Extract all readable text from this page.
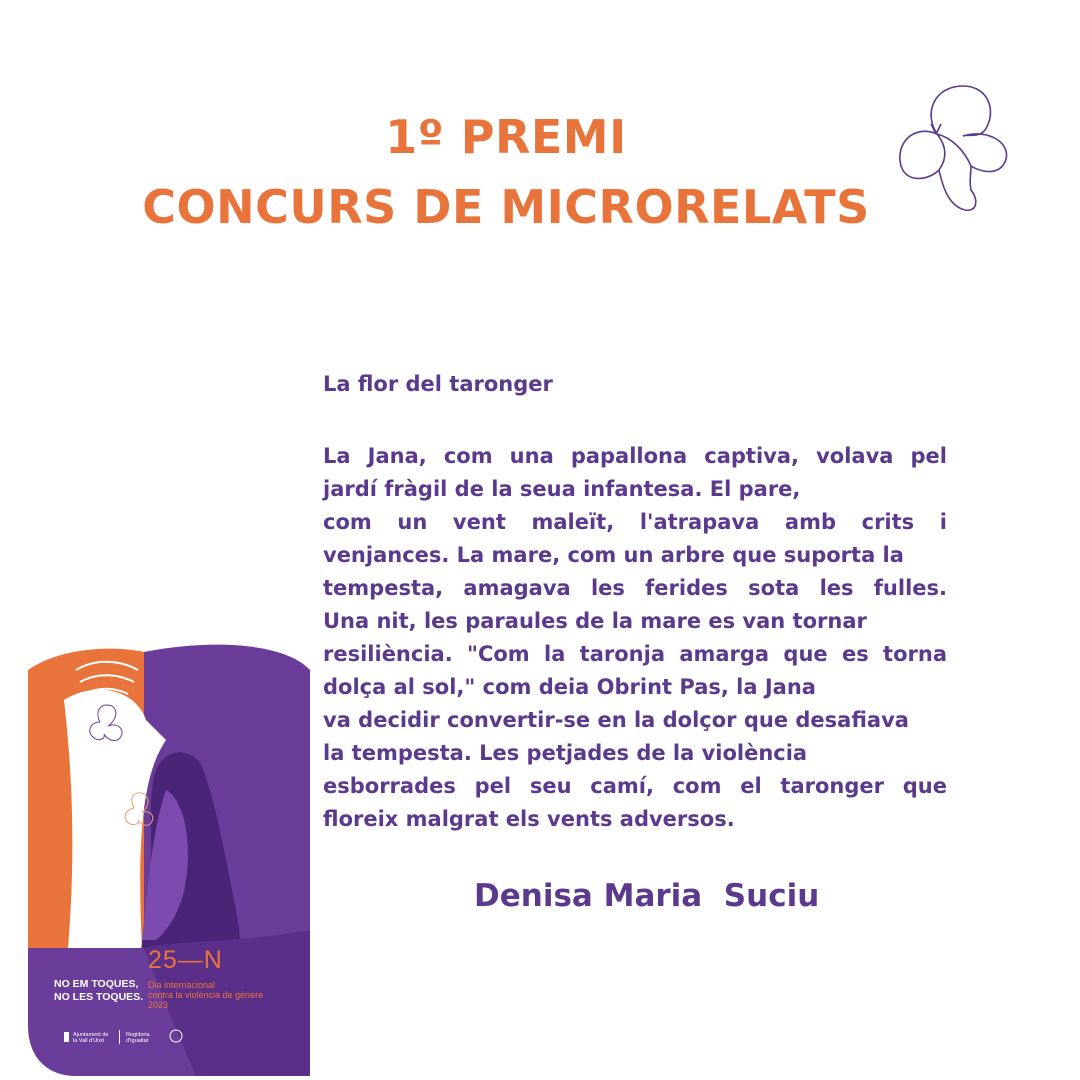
1º PREMI
CONCURS DE MICRORELATS
La flor del taronger
La Jana, com una papallona captiva, volava pel
jardí fràgil de la seua infantesa. El pare,
com un vent maleït, l'atrapava amb crits i
venjances. La mare, com un arbre que suporta la
tempesta, amagava les ferides sota les fulles.
Una nit, les paraules de la mare es van tornar
resiliència. "Com la taronja amarga que es torna
dolça al sol," com deia Obrint Pas, la Jana
va decidir convertir-se en la dolçor que desafiava
la tempesta. Les petjades de la violència
esborrades pel seu camí, com el taronger que
floreix malgrat els vents adversos.
Denisa Maria  Suciu
NO EM TOQUES,
NO LES TOQUES.
25—N
Dia internacional
contra la violència de gènere
2023
Ajuntament de
la Vall d'Uixó
Regidoria
d'Igualtat
